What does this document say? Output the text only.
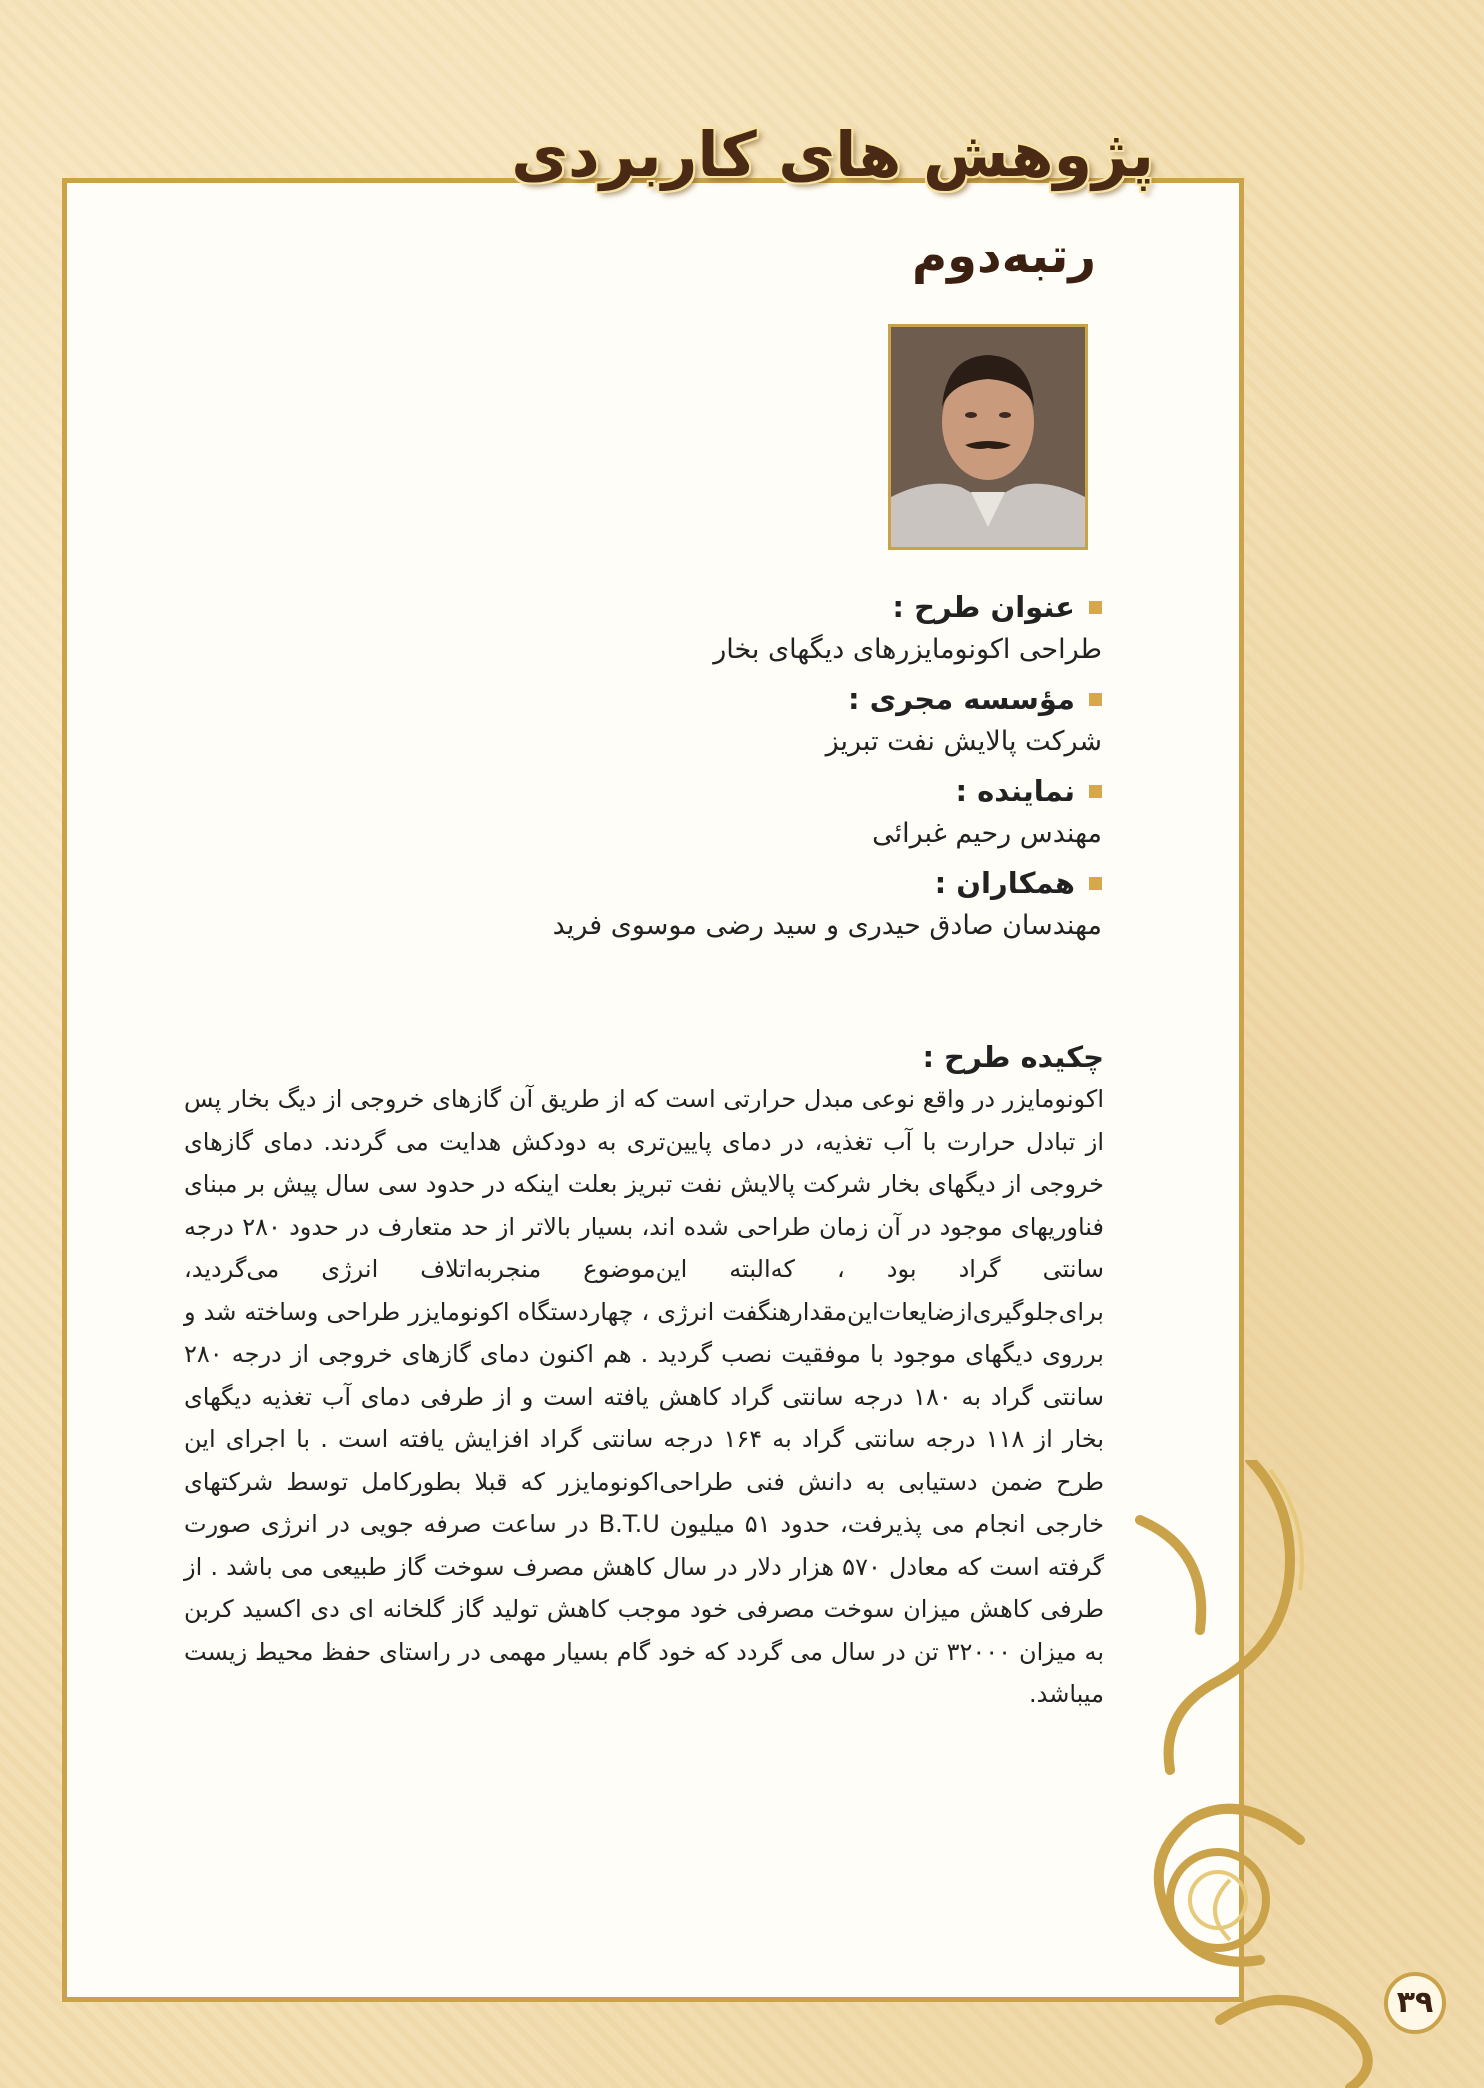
پژوهش های کاربردی
رتبه‌دوم
عنوان طرح :
طراحی اکونومایزرهای دیگهای بخار
مؤسسه مجری :
شرکت پالایش نفت تبریز
نماینده :
مهندس رحیم غبرائی
همکاران :
مهندسان صادق حیدری و سید رضی موسوی فرید
چکیده طرح :
اکونومایزر در واقع نوعی مبدل حرارتی است که از طریق آن گازهای خروجی از دیگ بخار پس از تبادل حرارت با آب تغذیه، در دمای پایین‌تری به دودکش هدایت می گردند. دمای گازهای خروجی از دیگهای بخار شرکت پالایش نفت تبریز بعلت اینکه در حدود سی سال پیش بر مبنای فناوریهای موجود در آن زمان طراحی شده اند، بسیار بالاتر از حد متعارف در حدود ۲۸۰ درجه سانتی گراد بود ، که‌البته این‌موضوع منجربه‌اتلاف انرژی می‌گردید، برای‌جلوگیری‌از‌ضایعات‌این‌مقدار‌هنگفت انرژی ، چهاردستگاه اکونومایزر طراحی وساخته شد و برروی دیگهای موجود با موفقیت نصب گردید . هم اکنون دمای گازهای خروجی از درجه ۲۸۰ سانتی گراد به ۱۸۰ درجه سانتی گراد کاهش یافته است و از طرفی دمای آب تغذیه دیگهای بخار از ۱۱۸ درجه سانتی گراد به ۱۶۴ درجه سانتی گراد افزایش یافته است . با اجرای این طرح ضمن دستیابی به دانش فنی طراحی‌اکونومایزر که قبلا بطورکامل توسط شرکتهای خارجی انجام می پذیرفت، حدود ۵۱ میلیون B.T.U در ساعت صرفه جویی در انرژی صورت گرفته است که معادل ۵۷۰ هزار دلار در سال کاهش مصرف سوخت گاز طبیعی می باشد . از طرفی کاهش میزان سوخت مصرفی خود موجب کاهش تولید گاز گلخانه ای دی اکسید کربن به میزان ۳۲۰۰۰ تن در سال می گردد که خود گام بسیار مهمی در راستای حفظ محیط زیست میباشد.
۳۹
